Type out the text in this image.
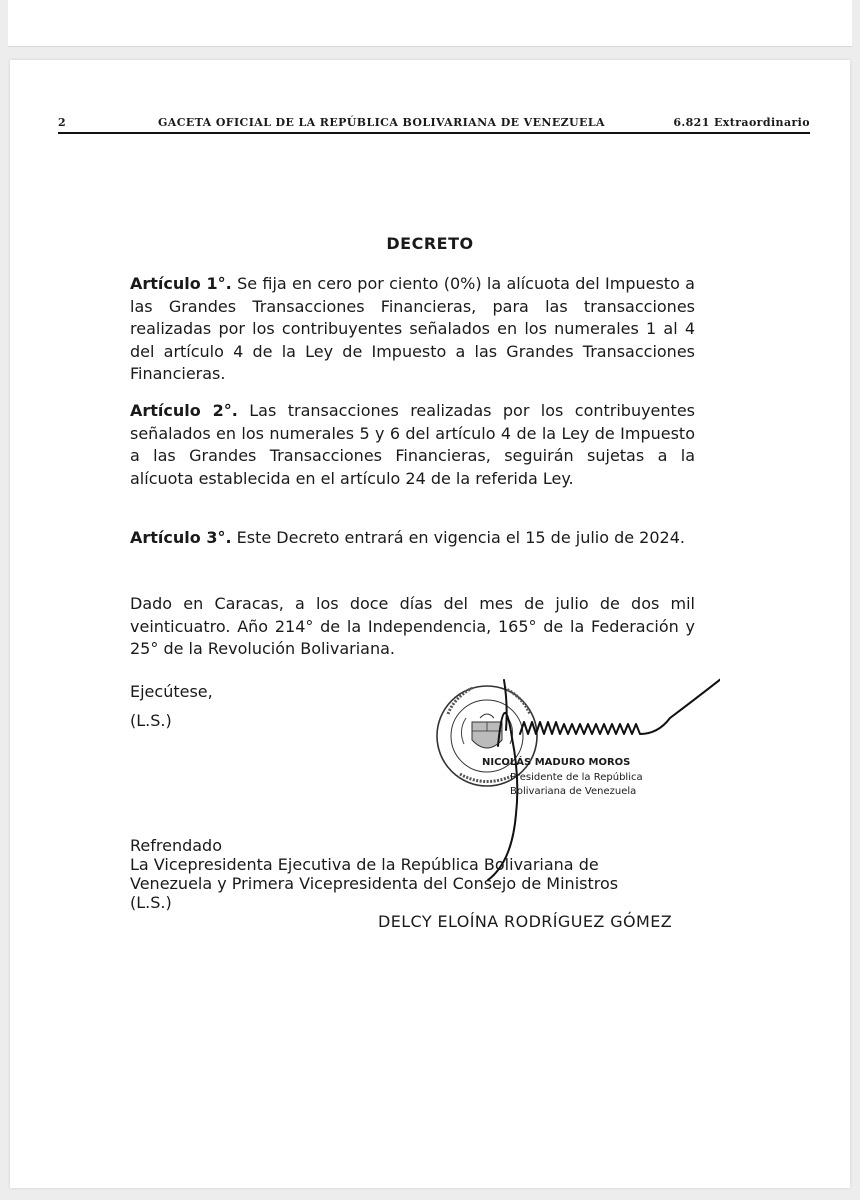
2	GACETA OFICIAL DE LA REPÚBLICA BOLIVARIANA DE VENEZUELA	6.821 Extraordinario
DECRETO

Artículo 1°. Se fija en cero por ciento (0%) la alícuota del Impuesto a las Grandes Transacciones Financieras, para las transacciones realizadas por los contribuyentes señalados en los numerales 1 al 4 del artículo 4 de la Ley de Impuesto a las Grandes Transacciones Financieras.

Artículo 2°. Las transacciones realizadas por los contribuyentes señalados en los numerales 5 y 6 del artículo 4 de la Ley de Impuesto a las Grandes Transacciones Financieras, seguirán sujetas a la alícuota establecida en el artículo 24 de la referida Ley.

Artículo 3°. Este Decreto entrará en vigencia el 15 de julio de 2024.

Dado en Caracas, a los doce días del mes de julio de dos mil veinticuatro. Año 214° de la Independencia, 165° de la Federación y 25° de la Revolución Bolivariana.

Ejecútese,

(L.S.)

NICOLÁS MADURO MOROS
Presidente de la República
Bolivariana de Venezuela
Refrendado
La Vicepresidenta Ejecutiva de la República Bolivariana de
Venezuela y Primera Vicepresidenta del Consejo de Ministros
(L.S.)
DELCY ELOÍNA RODRÍGUEZ GÓMEZ
